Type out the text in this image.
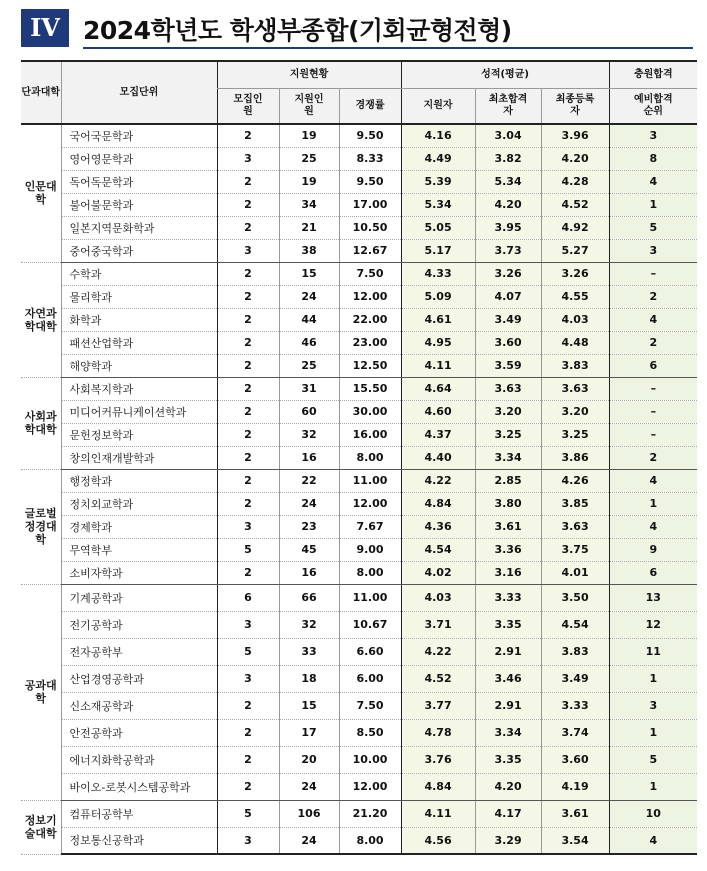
IV 2024학년도 학생부종합(기회균형전형)
단과대학	모집단위	지원현황			성적(평균)			충원합격
		모집인원	지원인원	경쟁률	지원자	최초합격자	최종등록자	예비합격순위
인문대학	국어국문학과	2	19	9.50	4.16	3.04	3.96	3

	영어영문학과	3	25	8.33	4.49	3.82	4.20	8

	독어독문학과	2	19	9.50	5.39	5.34	4.28	4

	불어불문학과	2	34	17.00	5.34	4.20	4.52	1

	일본지역문화학과	2	21	10.50	5.05	3.95	4.92	5

	중어중국학과	3	38	12.67	5.17	3.73	5.27	3
자연과학대학	수학과	2	15	7.50	4.33	3.26	3.26	–

	물리학과	2	24	12.00	5.09	4.07	4.55	2

	화학과	2	44	22.00	4.61	3.49	4.03	4

	패션산업학과	2	46	23.00	4.95	3.60	4.48	2

	해양학과	2	25	12.50	4.11	3.59	3.83	6
사회과학대학	사회복지학과	2	31	15.50	4.64	3.63	3.63	–

	미디어커뮤니케이션학과	2	60	30.00	4.60	3.20	3.20	–

	문헌정보학과	2	32	16.00	4.37	3.25	3.25	–

	창의인재개발학과	2	16	8.00	4.40	3.34	3.86	2
글로벌정경대학	행정학과	2	22	11.00	4.22	2.85	4.26	4

	정치외교학과	2	24	12.00	4.84	3.80	3.85	1

	경제학과	3	23	7.67	4.36	3.61	3.63	4

	무역학부	5	45	9.00	4.54	3.36	3.75	9

	소비자학과	2	16	8.00	4.02	3.16	4.01	6
공과대학	기계공학과	6	66	11.00	4.03	3.33	3.50	13

	전기공학과	3	32	10.67	3.71	3.35	4.54	12

	전자공학부	5	33	6.60	4.22	2.91	3.83	11

	산업경영공학과	3	18	6.00	4.52	3.46	3.49	1

	신소재공학과	2	15	7.50	3.77	2.91	3.33	3

	안전공학과	2	17	8.50	4.78	3.34	3.74	1

	에너지화학공학과	2	20	10.00	3.76	3.35	3.60	5

	바이오-로봇시스템공학과	2	24	12.00	4.84	4.20	4.19	1
정보기술대학	컴퓨터공학부	5	106	21.20	4.11	4.17	3.61	10

	정보통신공학과	3	24	8.00	4.56	3.29	3.54	4
